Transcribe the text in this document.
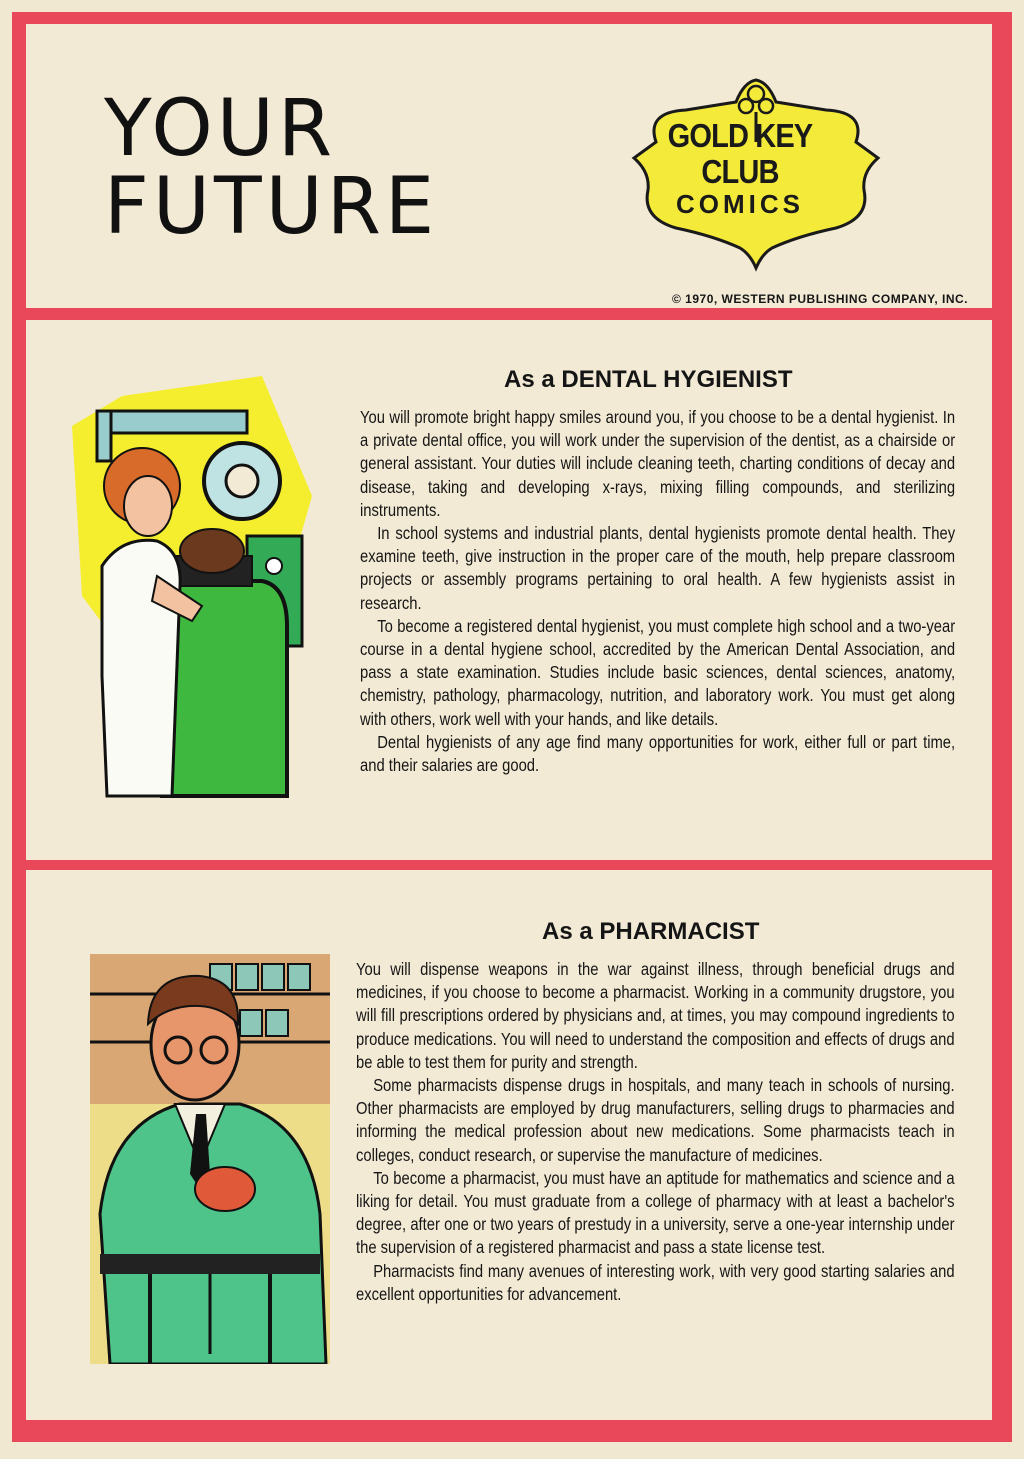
YOUR
FUTURE
GOLD KEY CLUB
COMICS
© 1970, WESTERN PUBLISHING COMPANY, INC.
As a DENTAL HYGIENIST

You will promote bright happy smiles around you, if you choose to be a dental hygienist. In a private dental office, you will work under the supervision of the dentist, as a chairside or general assistant. Your duties will include cleaning teeth, charting conditions of decay and disease, taking and developing x-rays, mixing filling compounds, and sterilizing instruments.

In school systems and industrial plants, dental hygienists promote dental health. They examine teeth, give instruction in the proper care of the mouth, help prepare classroom projects or assembly programs pertaining to oral health. A few hygienists assist in research.

To become a registered dental hygienist, you must complete high school and a two-year course in a dental hygiene school, accredited by the American Dental Association, and pass a state examination. Studies include basic sciences, dental sciences, anatomy, chemistry, pathology, pharmacology, nutrition, and laboratory work. You must get along with others, work well with your hands, and like details.

Dental hygienists of any age find many opportunities for work, either full or part time, and their salaries are good.

As a PHARMACIST

You will dispense weapons in the war against illness, through beneficial drugs and medicines, if you choose to become a pharmacist. Working in a community drugstore, you will fill prescriptions ordered by physicians and, at times, you may compound ingredients to produce medications. You will need to understand the composition and effects of drugs and be able to test them for purity and strength.

Some pharmacists dispense drugs in hospitals, and many teach in schools of nursing. Other pharmacists are employed by drug manufacturers, selling drugs to pharmacies and informing the medical profession about new medications. Some pharmacists teach in colleges, conduct research, or supervise the manufacture of medicines.

To become a pharmacist, you must have an aptitude for mathematics and science and a liking for detail. You must graduate from a college of pharmacy with at least a bachelor's degree, after one or two years of prestudy in a university, serve a one-year internship under the supervision of a registered pharmacist and pass a state license test.

Pharmacists find many avenues of interesting work, with very good starting salaries and excellent opportunities for advancement.
